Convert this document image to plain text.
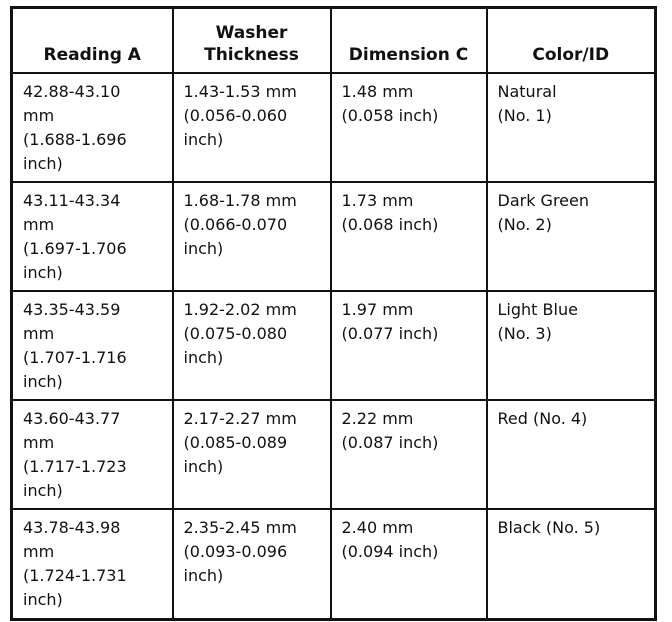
Reading A	Washer
Thickness	Dimension C	Color/ID

42.88-43.10
mm
(1.688-1.696
inch)	1.43-1.53 mm
(0.056-0.060
inch)	1.48 mm
(0.058 inch)	Natural
(No. 1)

43.11-43.34
mm
(1.697-1.706
inch)	1.68-1.78 mm
(0.066-0.070
inch)	1.73 mm
(0.068 inch)	Dark Green
(No. 2)

43.35-43.59
mm
(1.707-1.716
inch)	1.92-2.02 mm
(0.075-0.080
inch)	1.97 mm
(0.077 inch)	Light Blue
(No. 3)

43.60-43.77
mm
(1.717-1.723
inch)	2.17-2.27 mm
(0.085-0.089
inch)	2.22 mm
(0.087 inch)	Red (No. 4)

43.78-43.98
mm
(1.724-1.731
inch)	2.35-2.45 mm
(0.093-0.096
inch)	2.40 mm
(0.094 inch)	Black (No. 5)
